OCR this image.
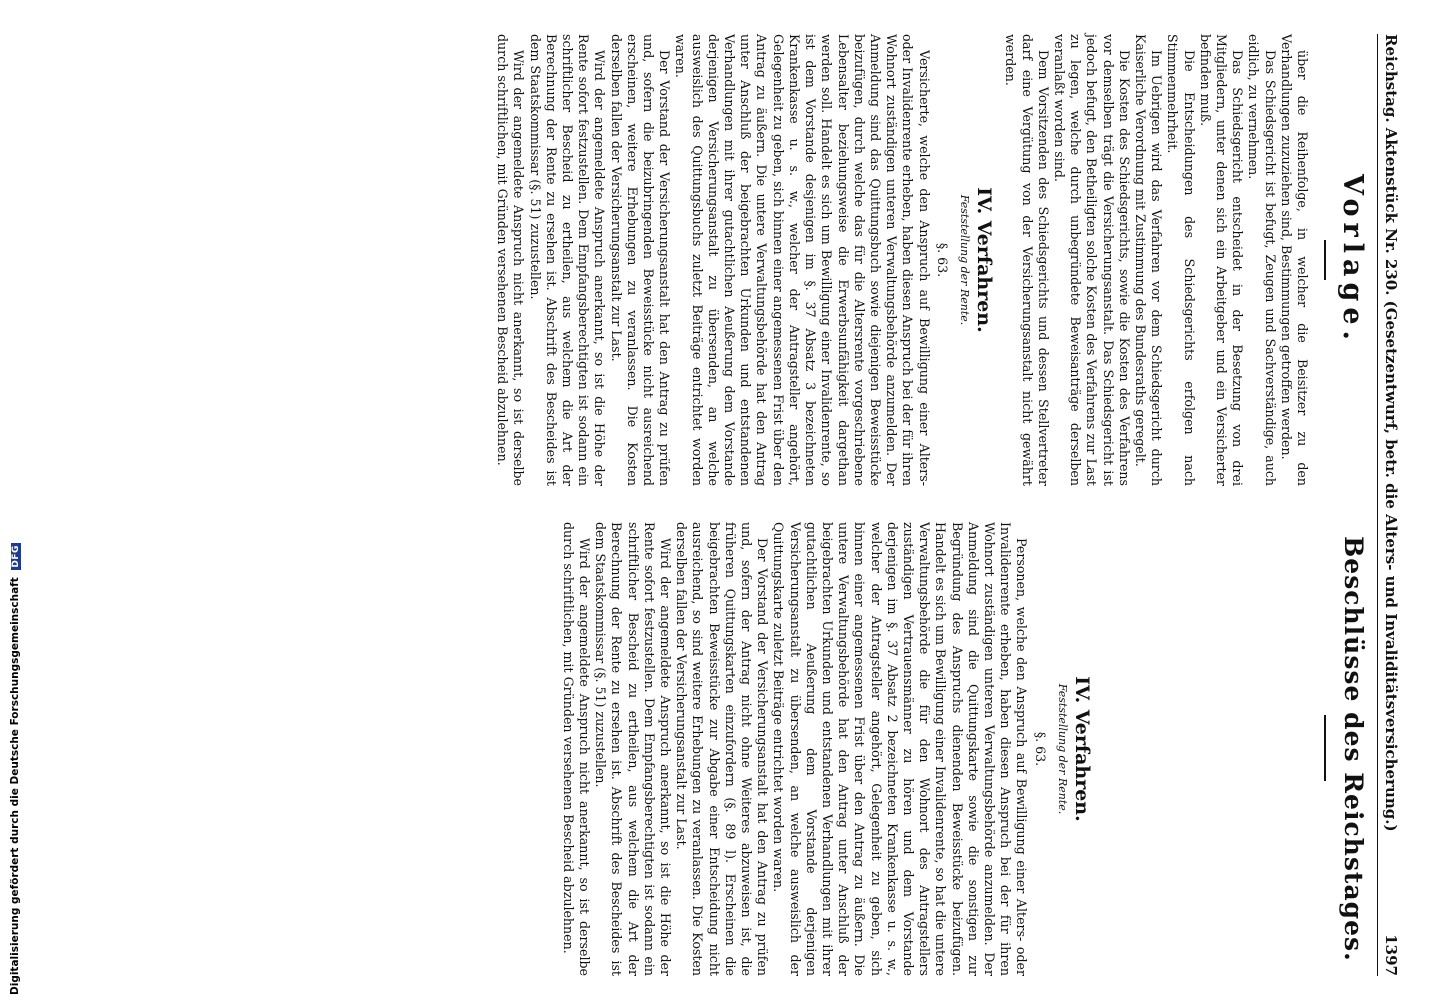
Reichstag. Aktenstück Nr. 230. (Gesetzentwurf, betr. die Alters- und Invaliditätsversicherung.)
1397
Vorlage.

über die Reihenfolge, in welcher die Beisitzer zu den Verhandlungen zuzuziehen sind, Bestimmungen getroffen werden.

Das Schiedsgericht ist befugt, Zeugen und Sachverständige, auch eidlich, zu vernehmen.

Das Schiedsgericht entscheidet in der Besetzung von drei Mitgliedern, unter denen sich ein Arbeitgeber und ein Versicherter befinden muß.

Die Entscheidungen des Schiedsgerichts erfolgen nach Stimmenmehrheit.

Im Uebrigen wird das Verfahren vor dem Schiedsgericht durch Kaiserliche Verordnung mit Zustimmung des Bundesraths geregelt.

Die Kosten des Schiedsgerichts, sowie die Kosten des Verfahrens vor demselben trägt die Versicherungsanstalt. Das Schiedsgericht ist jedoch befugt, den Betheiligten solche Kosten des Verfahrens zur Last zu legen, welche durch unbegründete Beweisanträge derselben veranlaßt worden sind.

Dem Vorsitzenden des Schiedsgerichts und dessen Stellvertreter darf eine Vergütung von der Versicherungsanstalt nicht gewährt werden.

IV. Verfahren.
Feststellung der Rente.
§. 63.

Versicherte, welche den Anspruch auf Bewilligung einer Alters- oder Invalidenrente erheben, haben diesen Anspruch bei der für ihren Wohnort zuständigen unteren Verwaltungsbehörde anzumelden. Der Anmeldung sind das Quittungsbuch sowie diejenigen Beweisstücke beizufügen, durch welche das für die Altersrente vorgeschriebene Lebensalter beziehungsweise die Erwerbsunfähigkeit dargethan werden soll. Handelt es sich um Bewilligung einer Invalidenrente, so ist dem Vorstande desjenigen im §. 37 Absatz 3 bezeichneten Krankenkasse u. s. w., welcher der Antragsteller angehört, Gelegenheit zu geben, sich binnen einer angemessenen Frist über den Antrag zu äußern. Die untere Verwaltungsbehörde hat den Antrag unter Anschluß der beigebrachten Urkunden und entstandenen Verhandlungen mit ihrer gutachtlichen Aeußerung dem Vorstande derjenigen Versicherungsanstalt zu übersenden, an welche ausweislich des Quittungsbuchs zuletzt Beiträge entrichtet worden waren.

Der Vorstand der Versicherungsanstalt hat den Antrag zu prüfen und, sofern die beizubringenden Beweisstücke nicht ausreichend erscheinen, weitere Erhebungen zu veranlassen. Die Kosten derselben fallen der Versicherungsanstalt zur Last.

Wird der angemeldete Anspruch anerkannt, so ist die Höhe der Rente sofort festzustellen. Dem Empfangsberechtigten ist sodann ein schriftlicher Bescheid zu ertheilen, aus welchem die Art der Berechnung der Rente zu ersehen ist. Abschrift des Bescheides ist dem Staatskommissar (§. 51) zuzustellen.

Wird der angemeldete Anspruch nicht anerkannt, so ist derselbe durch schriftlichen, mit Gründen versehenen Bescheid abzulehnen.

Beschlüsse des Reichstages.
IV. Verfahren.
Feststellung der Rente.
§. 63.

Personen, welche den Anspruch auf Bewilligung einer Alters- oder Invalidenrente erheben, haben diesen Anspruch bei der für ihren Wohnort zuständigen unteren Verwaltungsbehörde anzumelden. Der Anmeldung sind die Quittungskarte sowie die sonstigen zur Begründung des Anspruchs dienenden Beweisstücke beizufügen. Handelt es sich um Bewilligung einer Invalidenrente, so hat die untere Verwaltungsbehörde die für den Wohnort des Antragstellers zuständigen Vertrauensmänner zu hören und dem Vorstande derjenigen im §. 37 Absatz 2 bezeichneten Krankenkasse u. s. w., welcher der Antragsteller angehört, Gelegenheit zu geben, sich binnen einer angemessenen Frist über den Antrag zu äußern. Die untere Verwaltungsbehörde hat den Antrag unter Anschluß der beigebrachten Urkunden und entstandenen Verhandlungen mit ihrer gutachtlichen Aeußerung dem Vorstande derjenigen Versicherungsanstalt zu übersenden, an welche ausweislich der Quittungskarte zuletzt Beiträge entrichtet worden waren.

Der Vorstand der Versicherungsanstalt hat den Antrag zu prüfen und, sofern der Antrag nicht ohne Weiteres abzuweisen ist, die früheren Quittungskarten einzufordern (§. 89 l). Erscheinen die beigebrachten Beweisstücke zur Abgabe einer Entscheidung nicht ausreichend, so sind weitere Erhebungen zu veranlassen. Die Kosten derselben fallen der Versicherungsanstalt zur Last.

Wird der angemeldete Anspruch anerkannt, so ist die Höhe der Rente sofort festzustellen. Dem Empfangsberechtigten ist sodann ein schriftlicher Bescheid zu ertheilen, aus welchem die Art der Berechnung der Rente zu ersehen ist. Abschrift des Bescheides ist dem Staatskommissar (§. 51) zuzustellen.

Wird der angemeldete Anspruch nicht anerkannt, so ist derselbe durch schriftlichen, mit Gründen versehenen Bescheid abzulehnen.

Digitalisierung gefördert durch die Deutsche Forschungsgemeinschaft DFG
